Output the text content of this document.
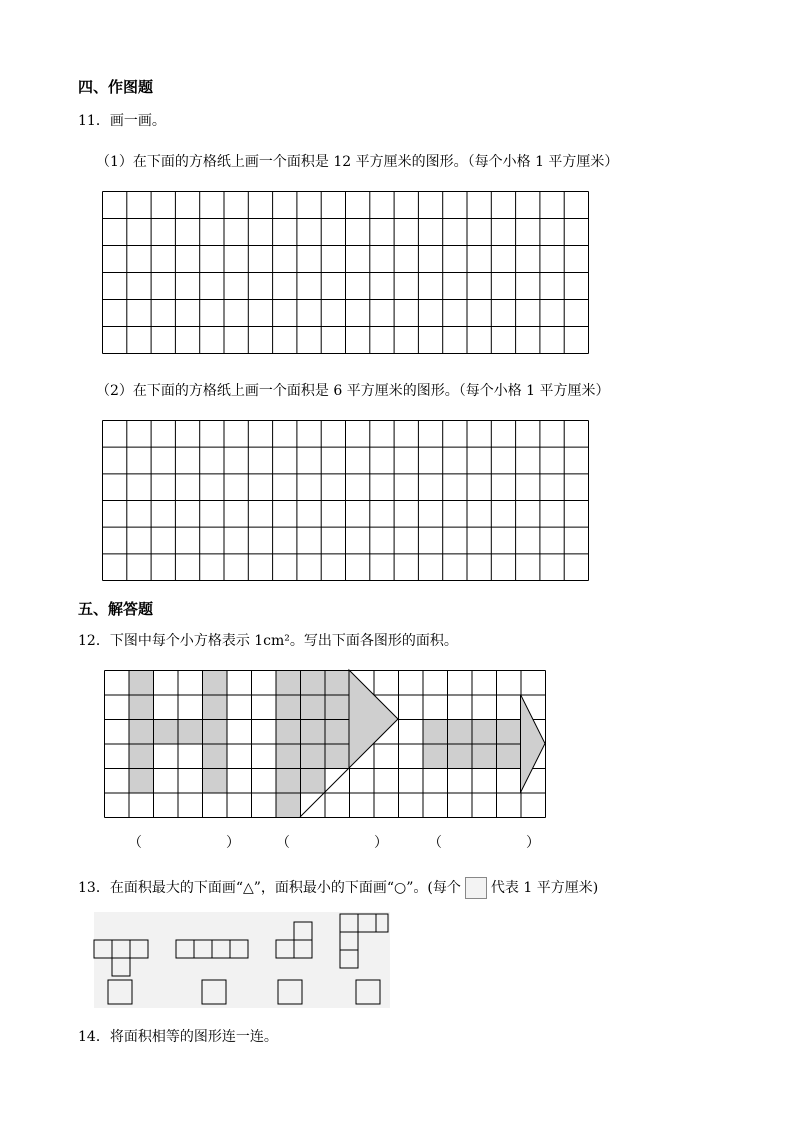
四、作图题
11．画一画。
（1）在下面的方格纸上画一个面积是 12 平方厘米的图形。（每个小格 1 平方厘米）
（2）在下面的方格纸上画一个面积是 6 平方厘米的图形。（每个小格 1 平方厘米）
五、解答题
12．下图中每个小方格表示 1cm²。写出下面各图形的面积。
（　　　　　　）	（　　　　　　）	（　　　　　　）
13．在面积最大的下面画“△”，面积最小的下面画“○”。(每个 代表 1 平方厘米)
14．将面积相等的图形连一连。
